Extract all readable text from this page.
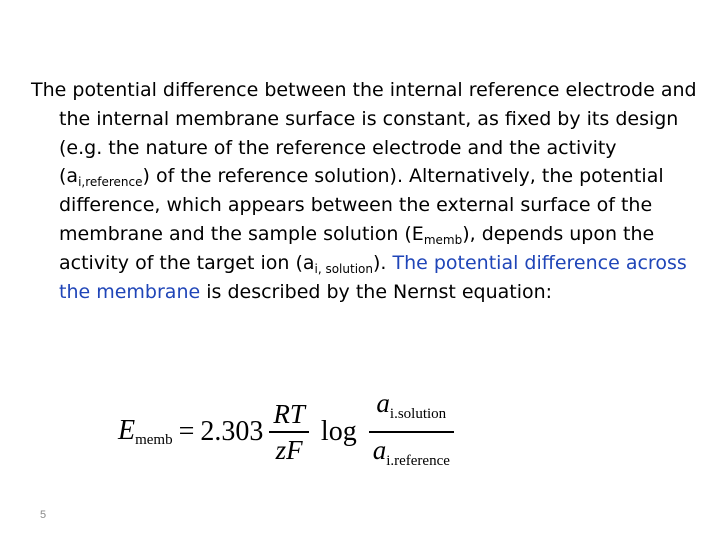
The potential difference between the internal reference electrode and the internal membrane surface is constant, as fixed by its design (e.g. the nature of the reference electrode and the activity $(a_{i,reference})$ of the reference solution). Alternatively, the potential difference, which appears between the external surface of the membrane and the sample solution $(E_{memb})$, depends upon the activity of the target ion $(a_{i, solution})$. The potential difference across the membrane is described by the Nernst equation:

$E_{memb} = 2.303 \frac{RT}{zF}$ $\log \frac{a_{i.solution}}{a_{i.reference}}$
5
